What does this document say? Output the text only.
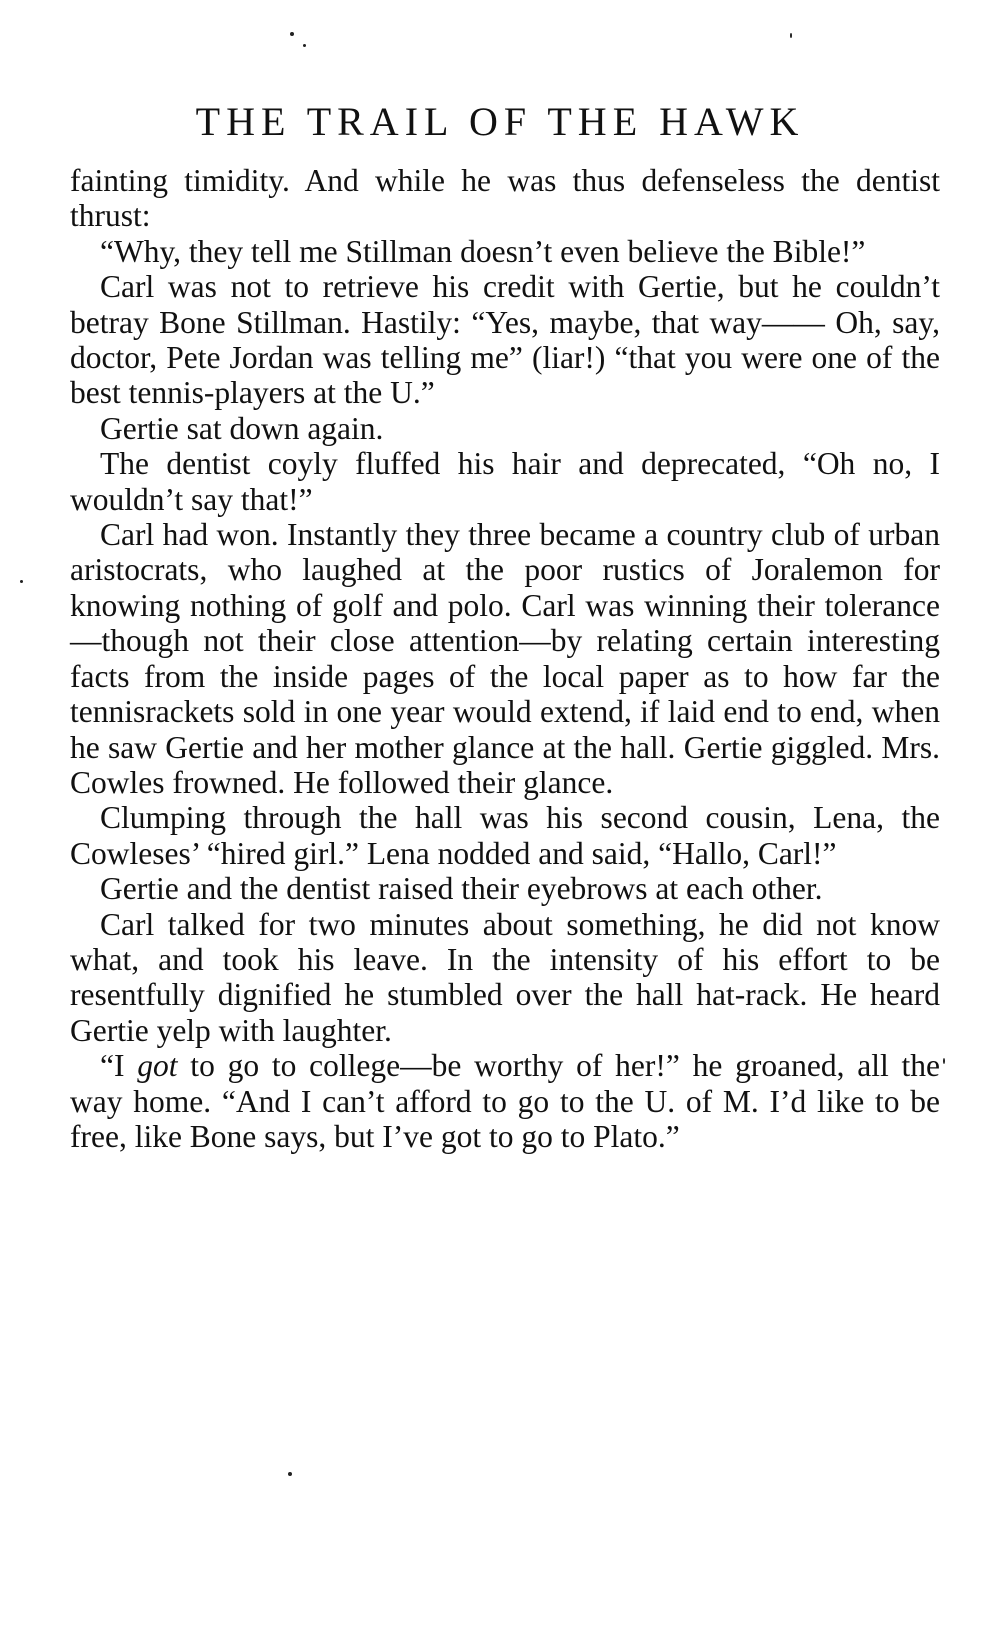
THE TRAIL OF THE HAWK

fainting timidity. And while he was thus defenseless the dentist thrust:

“Why, they tell me Stillman doesn’t even believe the Bible!”

Carl was not to retrieve his credit with Gertie, but he couldn’t betray Bone Stillman. Hastily: “Yes, maybe, that way—— Oh, say, doctor, Pete Jordan was telling me” (liar!) “that you were one of the best tennis-players at the U.”

Gertie sat down again.

The dentist coyly fluffed his hair and deprecated, “Oh no, I wouldn’t say that!”

Carl had won. Instantly they three became a country club of urban aristocrats, who laughed at the poor rustics of Joralemon for knowing nothing of golf and polo. Carl was winning their tolerance—though not their close attention—by relating certain interesting facts from the inside pages of the local paper as to how far the tennisrackets sold in one year would extend, if laid end to end, when he saw Gertie and her mother glance at the hall. Gertie giggled. Mrs. Cowles frowned. He followed their glance.

Clumping through the hall was his second cousin, Lena, the Cowleses’ “hired girl.” Lena nodded and said, “Hallo, Carl!”

Gertie and the dentist raised their eyebrows at each other.

Carl talked for two minutes about something, he did not know what, and took his leave. In the intensity of his effort to be resentfully dignified he stumbled over the hall hat-rack. He heard Gertie yelp with laughter.

“I got to go to college—be worthy of her!” he groaned, all the way home. “And I can’t afford to go to the U. of M. I’d like to be free, like Bone says, but I’ve got to go to Plato.”
